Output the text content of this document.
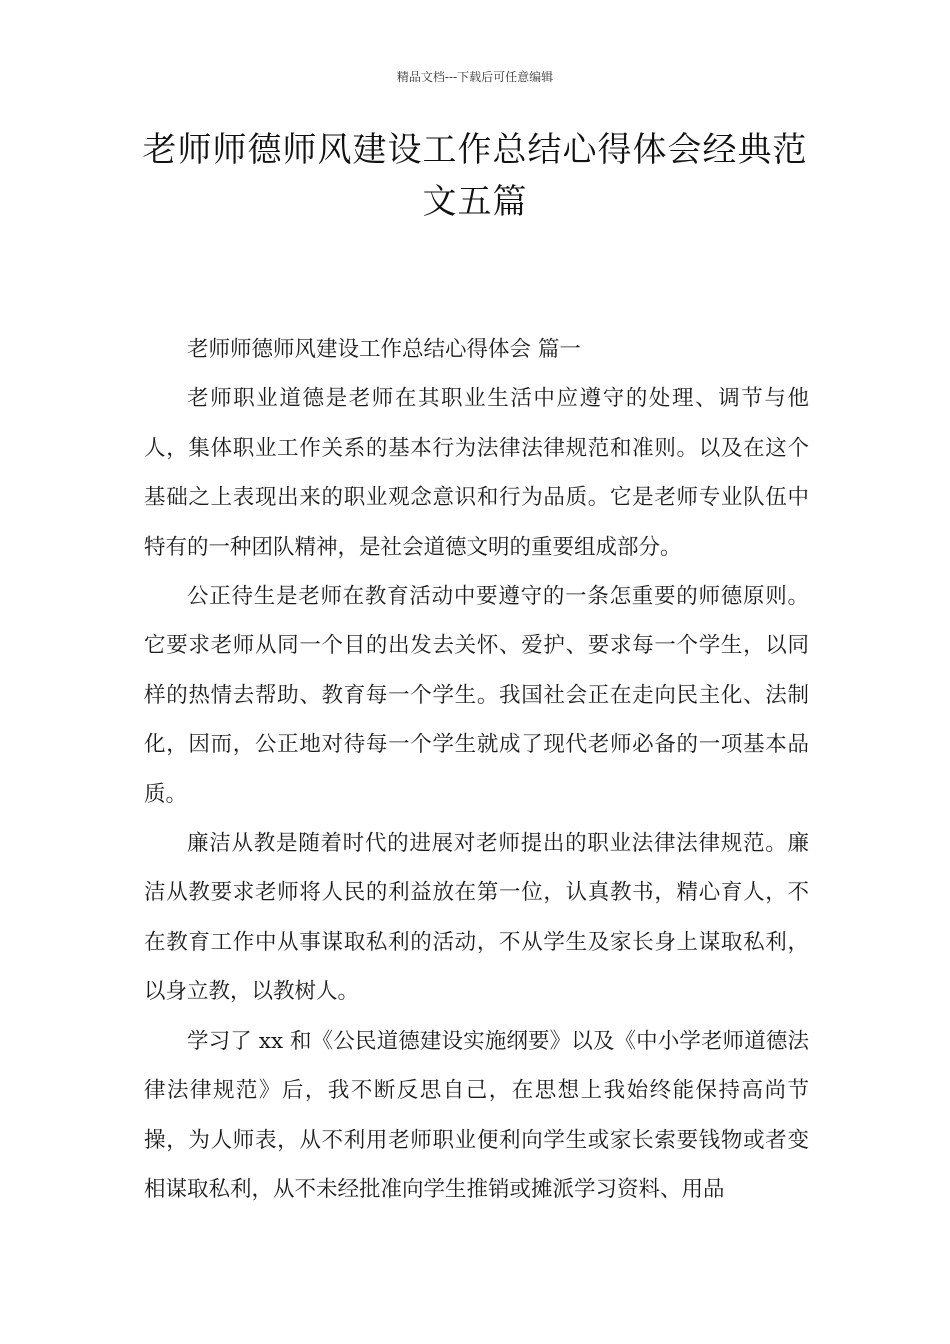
精品文档---下载后可任意编辑
老师师德师风建设工作总结心得体会经典范文五篇

老师师德师风建设工作总结心得体会 篇一

老师职业道德是老师在其职业生活中应遵守的处理、调节与他人，集体职业工作关系的基本行为法律法律规范和准则。以及在这个基础之上表现出来的职业观念意识和行为品质。它是老师专业队伍中特有的一种团队精神，是社会道德文明的重要组成部分。

公正待生是老师在教育活动中要遵守的一条怎重要的师德原则。它要求老师从同一个目的出发去关怀、爱护、要求每一个学生，以同样的热情去帮助、教育每一个学生。我国社会正在走向民主化、法制化，因而，公正地对待每一个学生就成了现代老师必备的一项基本品质。

廉洁从教是随着时代的进展对老师提出的职业法律法律规范。廉洁从教要求老师将人民的利益放在第一位，认真教书，精心育人，不在教育工作中从事谋取私利的活动，不从学生及家长身上谋取私利，以身立教，以教树人。

学习了 xx 和《公民道德建设实施纲要》以及《中小学老师道德法律法律规范》后，我不断反思自己，在思想上我始终能保持高尚节操，为人师表，从不利用老师职业便利向学生或家长索要钱物或者变相谋取私利，从不未经批准向学生推销或摊派学习资料、用品
